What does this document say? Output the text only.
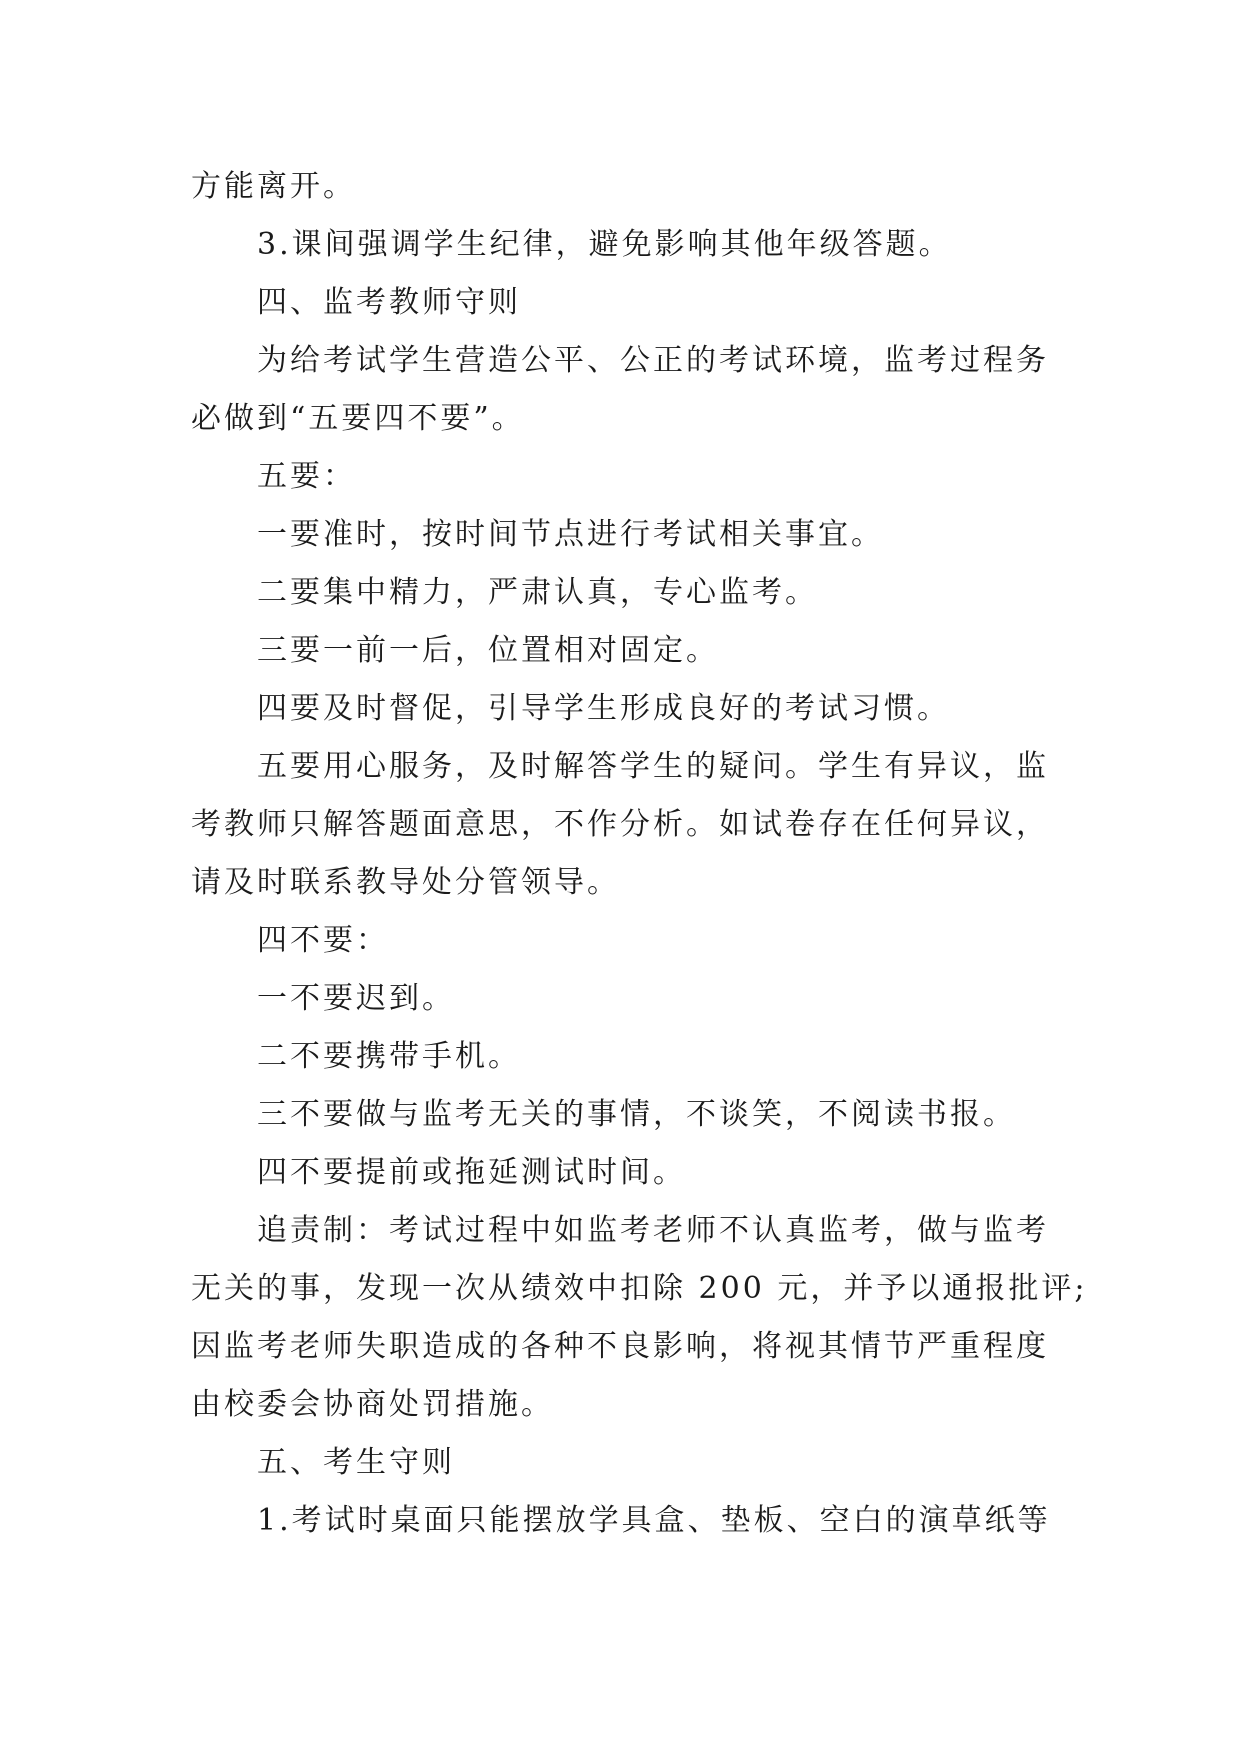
方能离开。
3.课间强调学生纪律，避免影响其他年级答题。
四、监考教师守则
为给考试学生营造公平、公正的考试环境，监考过程务
必做到“五要四不要”。
五要：
一要准时，按时间节点进行考试相关事宜。
二要集中精力，严肃认真，专心监考。
三要一前一后，位置相对固定。
四要及时督促，引导学生形成良好的考试习惯。
五要用心服务，及时解答学生的疑问。学生有异议，监
考教师只解答题面意思，不作分析。如试卷存在任何异议，
请及时联系教导处分管领导。
四不要：
一不要迟到。
二不要携带手机。
三不要做与监考无关的事情，不谈笑，不阅读书报。
四不要提前或拖延测试时间。
追责制：考试过程中如监考老师不认真监考，做与监考
无关的事，发现一次从绩效中扣除 200 元，并予以通报批评;
因监考老师失职造成的各种不良影响，将视其情节严重程度
由校委会协商处罚措施。
五、考生守则
1.考试时桌面只能摆放学具盒、垫板、空白的演草纸等
